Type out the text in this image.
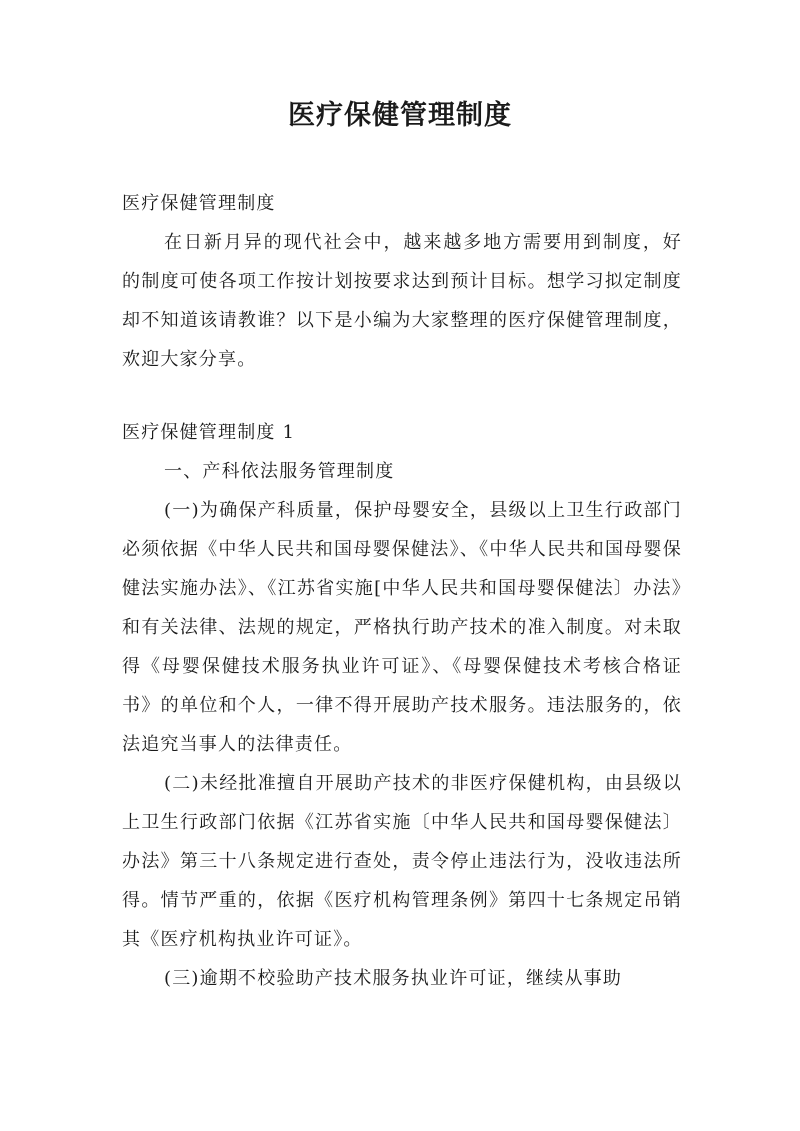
医疗保健管理制度

医疗保健管理制度

在日新月异的现代社会中，越来越多地方需要用到制度，好的制度可使各项工作按计划按要求达到预计目标。想学习拟定制度却不知道该请教谁？以下是小编为大家整理的医疗保健管理制度，欢迎大家分享。

医疗保健管理制度 1

一、产科依法服务管理制度

(一)为确保产科质量，保护母婴安全，县级以上卫生行政部门必须依据《中华人民共和国母婴保健法》、《中华人民共和国母婴保健法实施办法》、《江苏省实施[中华人民共和国母婴保健法〕办法》和有关法律、法规的规定，严格执行助产技术的准入制度。对未取得《母婴保健技术服务执业许可证》、《母婴保健技术考核合格证书》的单位和个人，一律不得开展助产技术服务。违法服务的，依法追究当事人的法律责任。

(二)未经批准擅自开展助产技术的非医疗保健机构，由县级以上卫生行政部门依据《江苏省实施〔中华人民共和国母婴保健法〕办法》第三十八条规定进行查处，责令停止违法行为，没收违法所得。情节严重的，依据《医疗机构管理条例》第四十七条规定吊销其《医疗机构执业许可证》。

(三)逾期不校验助产技术服务执业许可证，继续从事助
